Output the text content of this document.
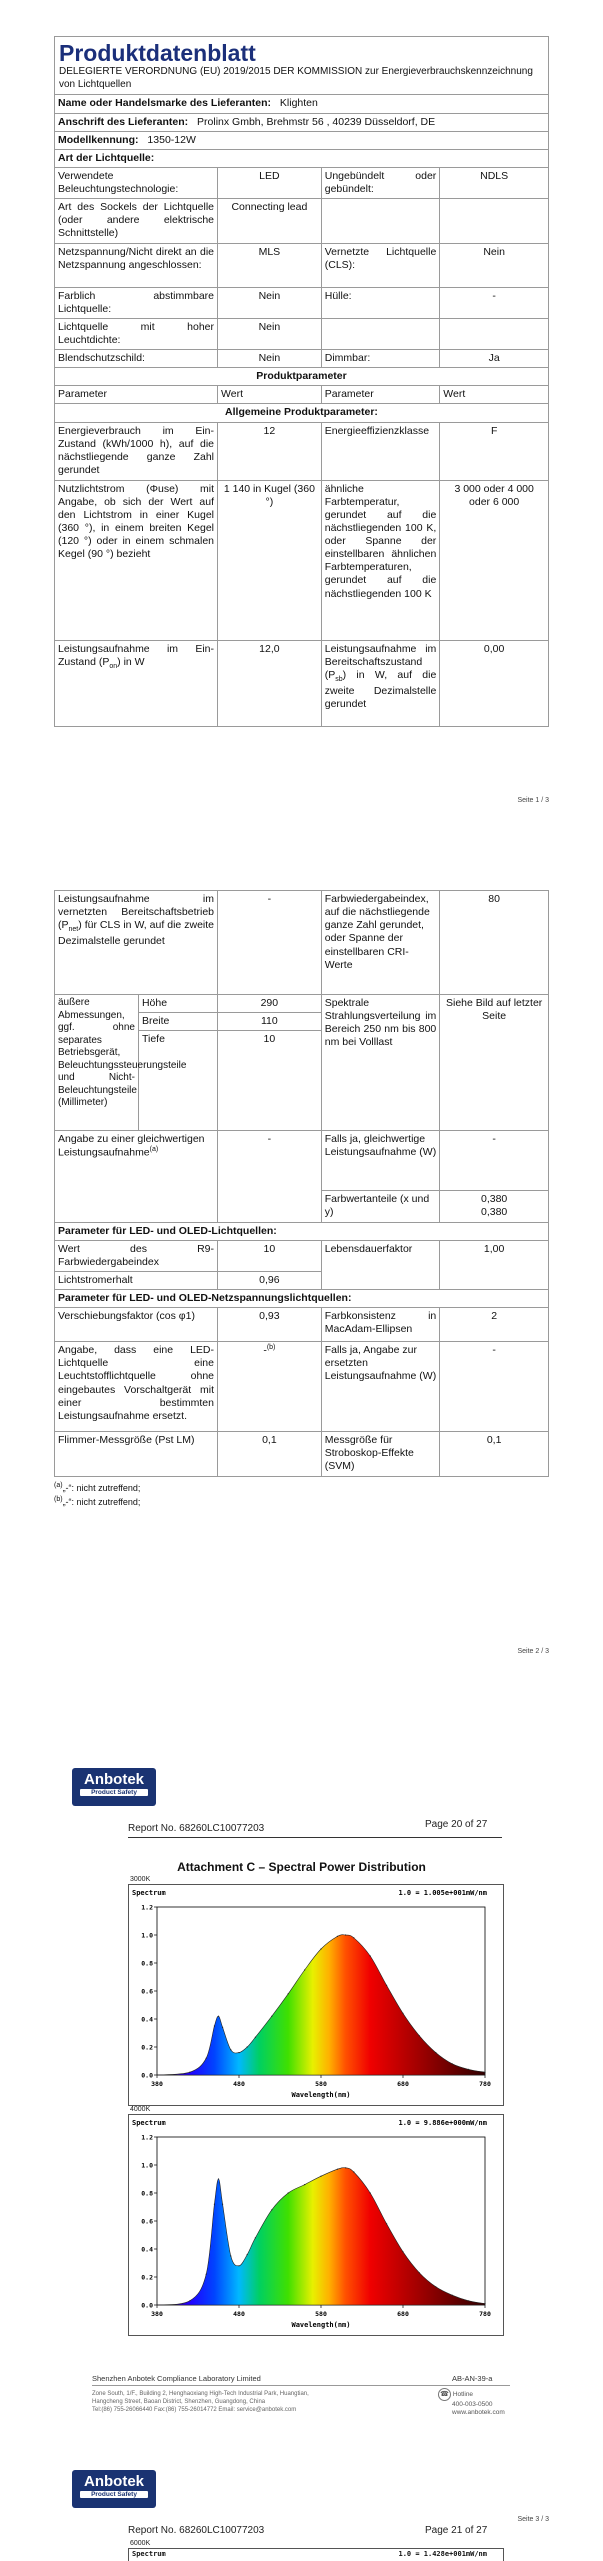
Produktdatenblatt
DELEGIERTE VERORDNUNG (EU) 2019/2015 DER KOMMISSION zur Energieverbrauchskennzeichnung von Lichtquellen			

Name oder Handelsmarke des Lieferanten: Klighten			
Anschrift des Lieferanten: Prolinx Gmbh, Brehmstr 56 , 40239 Düsseldorf, DE			
Modellkennung: 1350-12W			
Art der Lichtquelle:			
Verwendete Beleuchtungstechnologie:	LED	Ungebündelt oder gebündelt:	NDLS
Art des Sockels der Lichtquelle (oder andere elektrische Schnittstelle)	Connecting lead		
Netzspannung/Nicht direkt an die Netzspannung angeschlossen:	MLS	Vernetzte Lichtquelle (CLS):	Nein
Farblich abstimmbare Lichtquelle:	Nein	Hülle:	-
Lichtquelle mit hoher Leuchtdichte:	Nein		
Blendschutzschild:	Nein	Dimmbar:	Ja
Produktparameter			
Parameter	Wert	Parameter	Wert
Allgemeine Produktparameter:			
Energieverbrauch im Ein-Zustand (kWh/1000 h), auf die nächstliegende ganze Zahl gerundet	12	Energieeffizienzklasse	F
Nutzlichtstrom (Φuse) mit Angabe, ob sich der Wert auf den Lichtstrom in einer Kugel (360 °), in einem breiten Kegel (120 °) oder in einem schmalen Kegel (90 °) bezieht	1 140 in Kugel (360 °)	ähnliche Farbtemperatur, gerundet auf die nächstliegenden 100 K, oder Spanne der einstellbaren ähnlichen Farbtemperaturen, gerundet auf die nächstliegenden 100 K	3 000 oder 4 000 oder 6 000
Leistungsaufnahme im Ein-Zustand $(P_{on})$ in W	12,0	Leistungsaufnahme im Bereitschaftszustand $(P_{sb})$ in W, auf die zweite Dezimalstelle gerundet	0,00
Seite 1 / 3
Leistungsaufnahme im vernetzten Bereitschaftsbetrieb $(P_{net})$ für CLS in W, auf die zweite Dezimalstelle gerundet		-	Farbwiedergabeindex, auf die nächstliegende ganze Zahl gerundet, oder Spanne der einstellbaren CRI-Werte	80
äußere Abmessungen, ggf. ohne separates Betriebsgerät, Beleuchtungssteuerungsteile und Nicht-Beleuchtungsteile (Millimeter)	Höhe	290	Spektrale Strahlungsverteilung im Bereich 250 nm bis 800 nm bei Volllast	Siehe Bild auf letzter Seite
	Breite	110		
	Tiefe	10		
Angabe zu einer gleichwertigen Leistungsaufnahme$^{(a)}$		-	Falls ja, gleichwertige Leistungsaufnahme (W)	-
			Farbwertanteile (x und y)	0,380
0,380

Parameter für LED- und OLED-Lichtquellen:				
Wert des R9-Farbwiedergabeindex		10	Lebensdauerfaktor	1,00
Lichtstromerhalt		0,96		
Parameter für LED- und OLED-Netzspannungslichtquellen:				
Verschiebungsfaktor (cos φ1)		0,93	Farbkonsistenz in MacAdam-Ellipsen	2
Angabe, dass eine LED-Lichtquelle eine Leuchtstofflichtquelle ohne eingebautes Vorschaltgerät mit einer bestimmten Leistungsaufnahme ersetzt.		-$^{(b)}$	Falls ja, Angabe zur ersetzten Leistungsaufnahme (W)	-
Flimmer-Messgröße (Pst LM)		0,1	Messgröße für Stroboskop-Effekte (SVM)	0,1
$^{(a)}$„-“: nicht zutreffend;
$^{(b)}$„-“: nicht zutreffend;
Seite 2 / 3
Anbotek
Product Safety
Report No. 68260LC10077203	Page 20 of 27
Attachment C – Spectral Power Distribution
3000K
Spectrum	1.0 = 1.005e+001mW/nm
0.0
0.2
0.4
0.6
0.8
1.0
1.2
380	480	580	680	780
Wavelength(nm)
4000K
Spectrum	1.0 = 9.886e+000mW/nm
0.0
0.2
0.4
0.6
0.8
1.0
1.2
380	480	580	680	780
Wavelength(nm)
Shenzhen Anbotek Compliance Laboratory Limited	AB-AN-39-a
Zone South, 1/F., Building 2, Henghaoxiang High-Tech Industrial Park, Huangtian,
Hangcheng Street, Baoan District, Shenzhen, Guangdong, China
Tel:(86) 755-26066440 Fax:(86) 755-26014772 Email: service@anbotek.com
☎ Hotline
400-003-0500
www.anbotek.com
Anbotek
Product Safety
Seite 3 / 3
Report No. 68260LC10077203	Page 21 of 27
6000K
Spectrum	1.0 = 1.428e+001mW/nm
